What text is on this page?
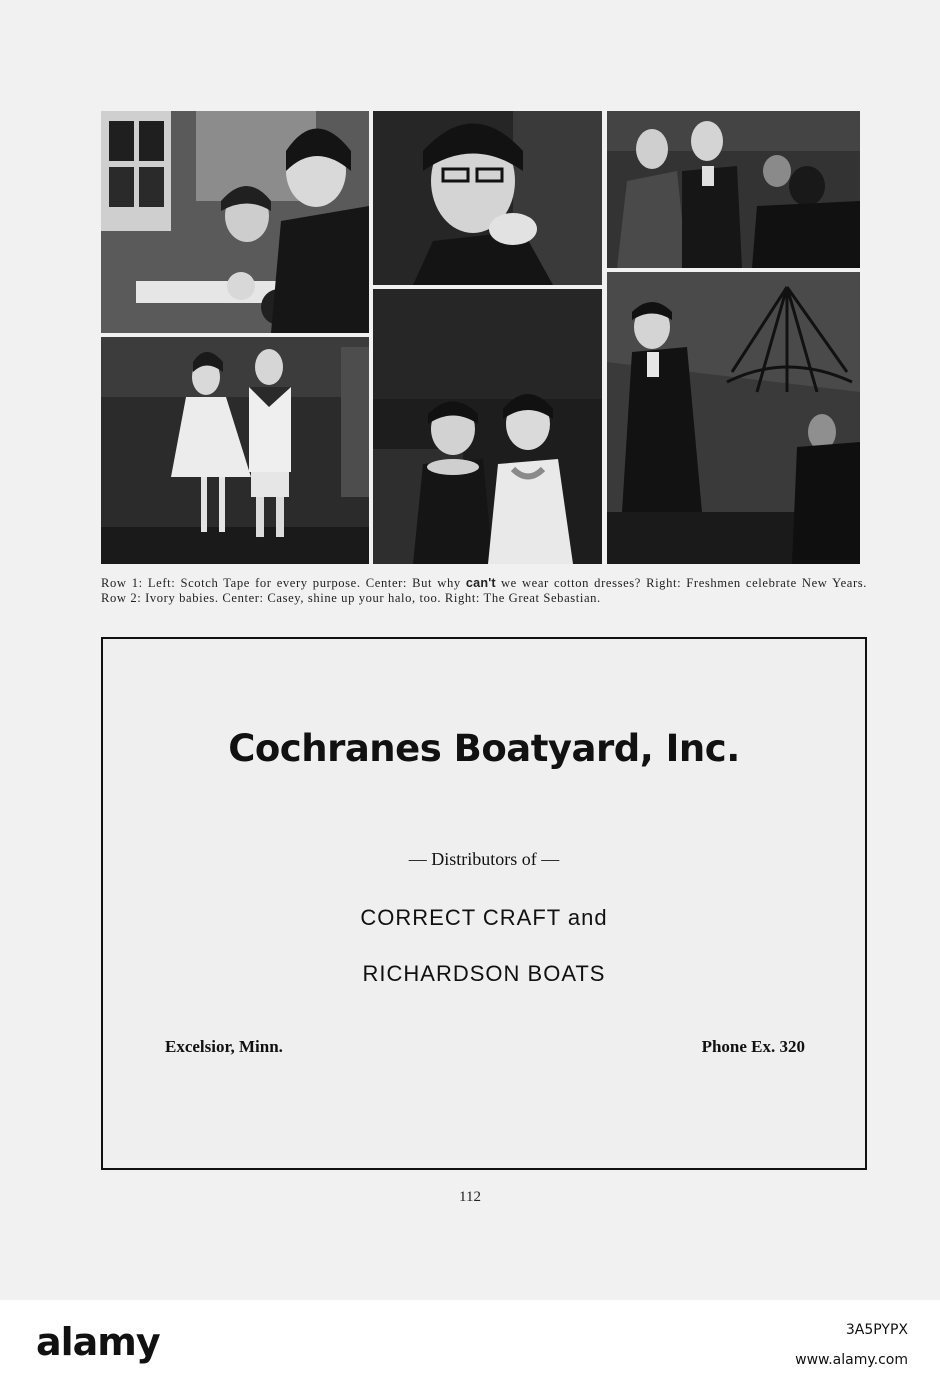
Row 1: Left: Scotch Tape for every purpose. Center: But why can't we wear cotton dresses? Right: Freshmen celebrate New Years. Row 2: Ivory babies. Center: Casey, shine up your halo, too. Right: The Great Sebastian.
Cochranes Boatyard, Inc.
— Distributors of —
CORRECT CRAFT and
RICHARDSON BOATS
Excelsior, Minn.	Phone Ex. 320
112
alamy	3A5PYPX
www.alamy.com
